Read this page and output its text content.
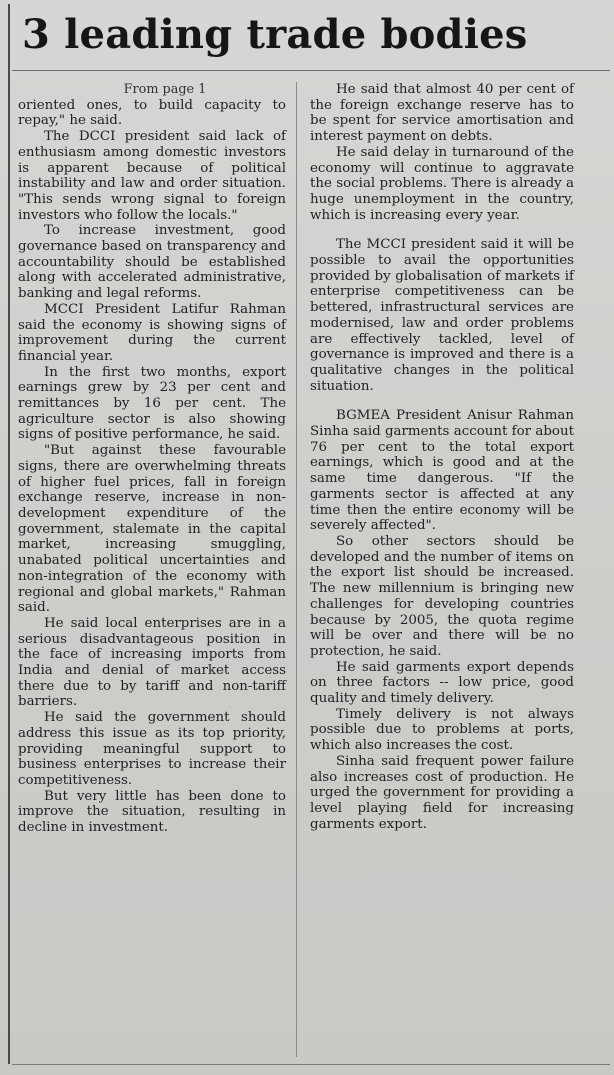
3 leading trade bodies

From page 1

oriented ones, to build capacity to repay," he said.

The DCCI president said lack of enthusiasm among domestic investors is apparent because of political instability and law and order situation. "This sends wrong signal to foreign investors who follow the locals."

To increase investment, good governance based on transparency and accountability should be established along with accelerated administrative, banking and legal reforms.

MCCI President Latifur Rahman said the economy is showing signs of improvement during the current financial year.

In the first two months, export earnings grew by 23 per cent and remittances by 16 per cent. The agriculture sector is also showing signs of positive performance, he said.

"But against these favourable signs, there are overwhelming threats of higher fuel prices, fall in foreign exchange reserve, increase in non-development expenditure of the government, stalemate in the capital market, increasing smuggling, unabated political uncertainties and non-integration of the economy with regional and global markets," Rahman said.

He said local enterprises are in a serious disadvantageous position in the face of increasing imports from India and denial of market access there due to by tariff and non-tariff barriers.

He said the government should address this issue as its top priority, providing meaningful support to business enterprises to increase their competitiveness.

But very little has been done to improve the situation, resulting in decline in investment.

He said that almost 40 per cent of the foreign exchange reserve has to be spent for service amortisation and interest payment on debts.

He said delay in turnaround of the economy will continue to aggravate the social problems. There is already a huge unemployment in the country, which is increasing every year.

The MCCI president said it will be possible to avail the opportunities provided by globalisation of markets if enterprise competitiveness can be bettered, infrastructural services are modernised, law and order problems are effectively tackled, level of governance is improved and there is a qualitative changes in the political situation.

BGMEA President Anisur Rahman Sinha said garments account for about 76 per cent to the total export earnings, which is good and at the same time dangerous. "If the garments sector is affected at any time then the entire economy will be severely affected".

So other sectors should be developed and the number of items on the export list should be increased. The new millennium is bringing new challenges for developing countries because by 2005, the quota regime will be over and there will be no protection, he said.

He said garments export depends on three factors -- low price, good quality and timely delivery.

Timely delivery is not always possible due to problems at ports, which also increases the cost.

Sinha said frequent power failure also increases cost of production. He urged the government for providing a level playing field for increasing garments export.
